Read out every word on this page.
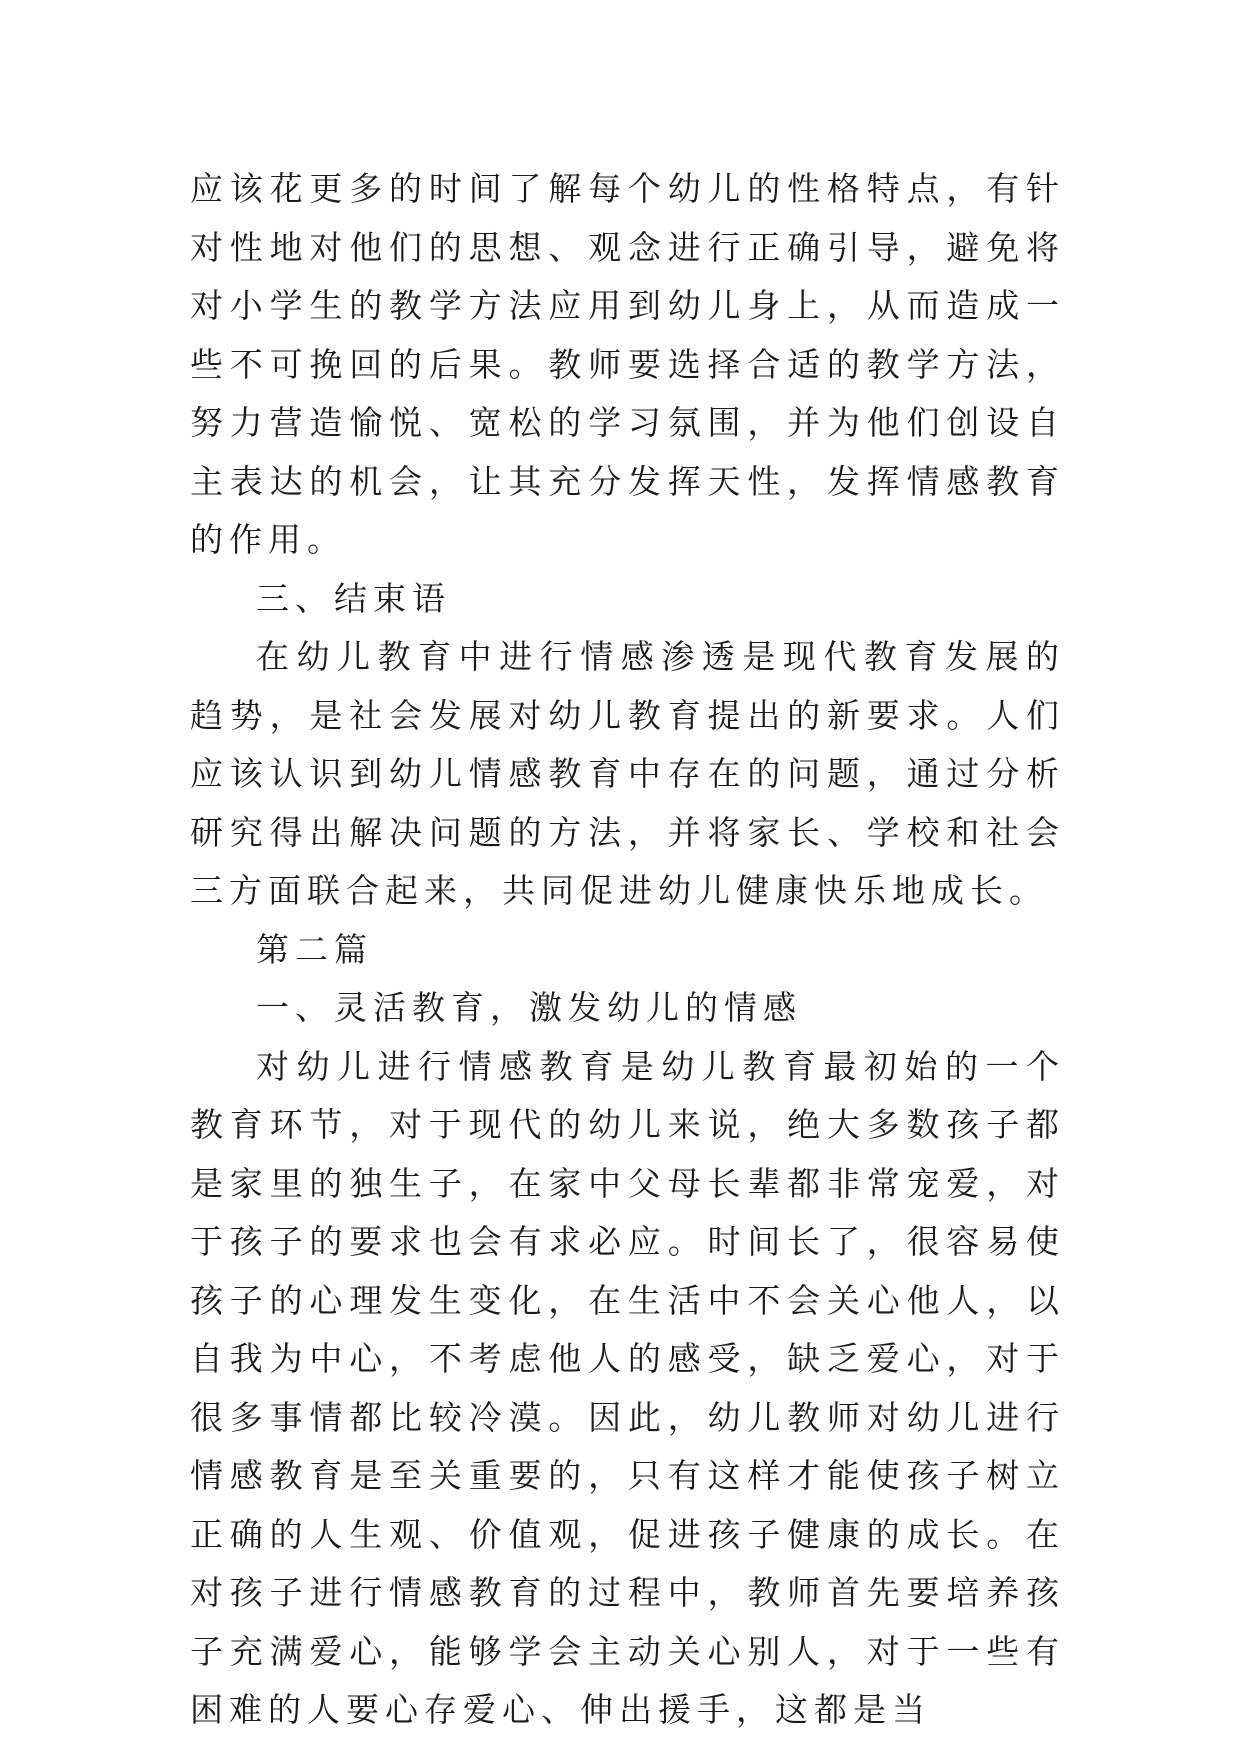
应该花更多的时间了解每个幼儿的性格特点，有针对性地对他们的思想、观念进行正确引导，避免将对小学生的教学方法应用到幼儿身上，从而造成一些不可挽回的后果。教师要选择合适的教学方法，努力营造愉悦、宽松的学习氛围，并为他们创设自主表达的机会，让其充分发挥天性，发挥情感教育的作用。

三、结束语

在幼儿教育中进行情感渗透是现代教育发展的趋势，是社会发展对幼儿教育提出的新要求。人们应该认识到幼儿情感教育中存在的问题，通过分析研究得出解决问题的方法，并将家长、学校和社会三方面联合起来，共同促进幼儿健康快乐地成长。

第二篇

一、灵活教育，激发幼儿的情感

对幼儿进行情感教育是幼儿教育最初始的一个教育环节，对于现代的幼儿来说，绝大多数孩子都是家里的独生子，在家中父母长辈都非常宠爱，对于孩子的要求也会有求必应。时间长了，很容易使孩子的心理发生变化，在生活中不会关心他人，以自我为中心，不考虑他人的感受，缺乏爱心，对于很多事情都比较冷漠。因此，幼儿教师对幼儿进行情感教育是至关重要的，只有这样才能使孩子树立正确的人生观、价值观，促进孩子健康的成长。在对孩子进行情感教育的过程中，教师首先要培养孩子充满爱心，能够学会主动关心别人，对于一些有困难的人要心存爱心、伸出援手，这都是当
